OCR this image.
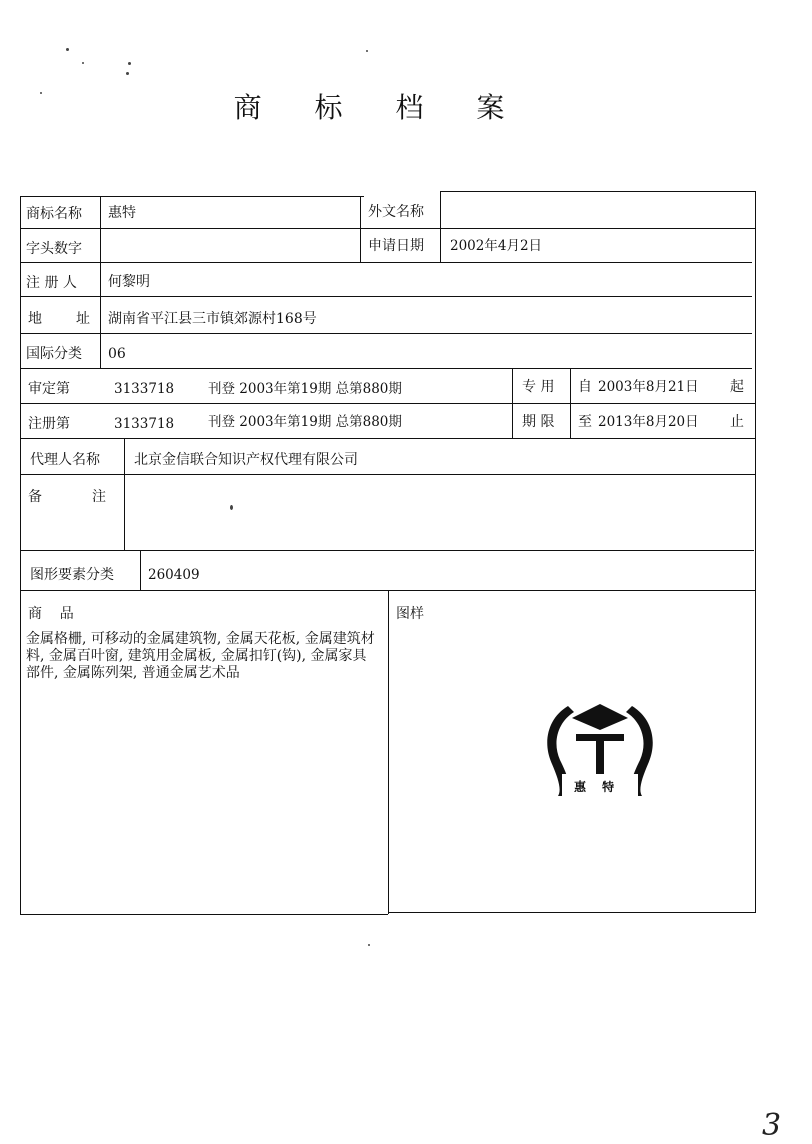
商 标 档 案
商标名称 惠特	外文名称
字头数字	申请日期 2002年4月2日
注 册 人 何黎明
地 址 湖南省平江县三市镇郊源村168号
国际分类 06
审定第	3133718	刊登 2003年第19期 总第880期	专 用 自 2003年8月21日 起
注册第	3133718	刊登 2003年第19期 总第880期	期 限 至 2013年8月20日 止
代理人名称 北京金信联合知识产权代理有限公司
备	注
图形要素分类	260409
商    品
金属格栅, 可移动的金属建筑物, 金属天花板, 金属建筑材料, 金属百叶窗, 建筑用金属板, 金属扣钉(钩), 金属家具部件, 金属陈列架, 普通金属艺术品
图样
惠 特
3
